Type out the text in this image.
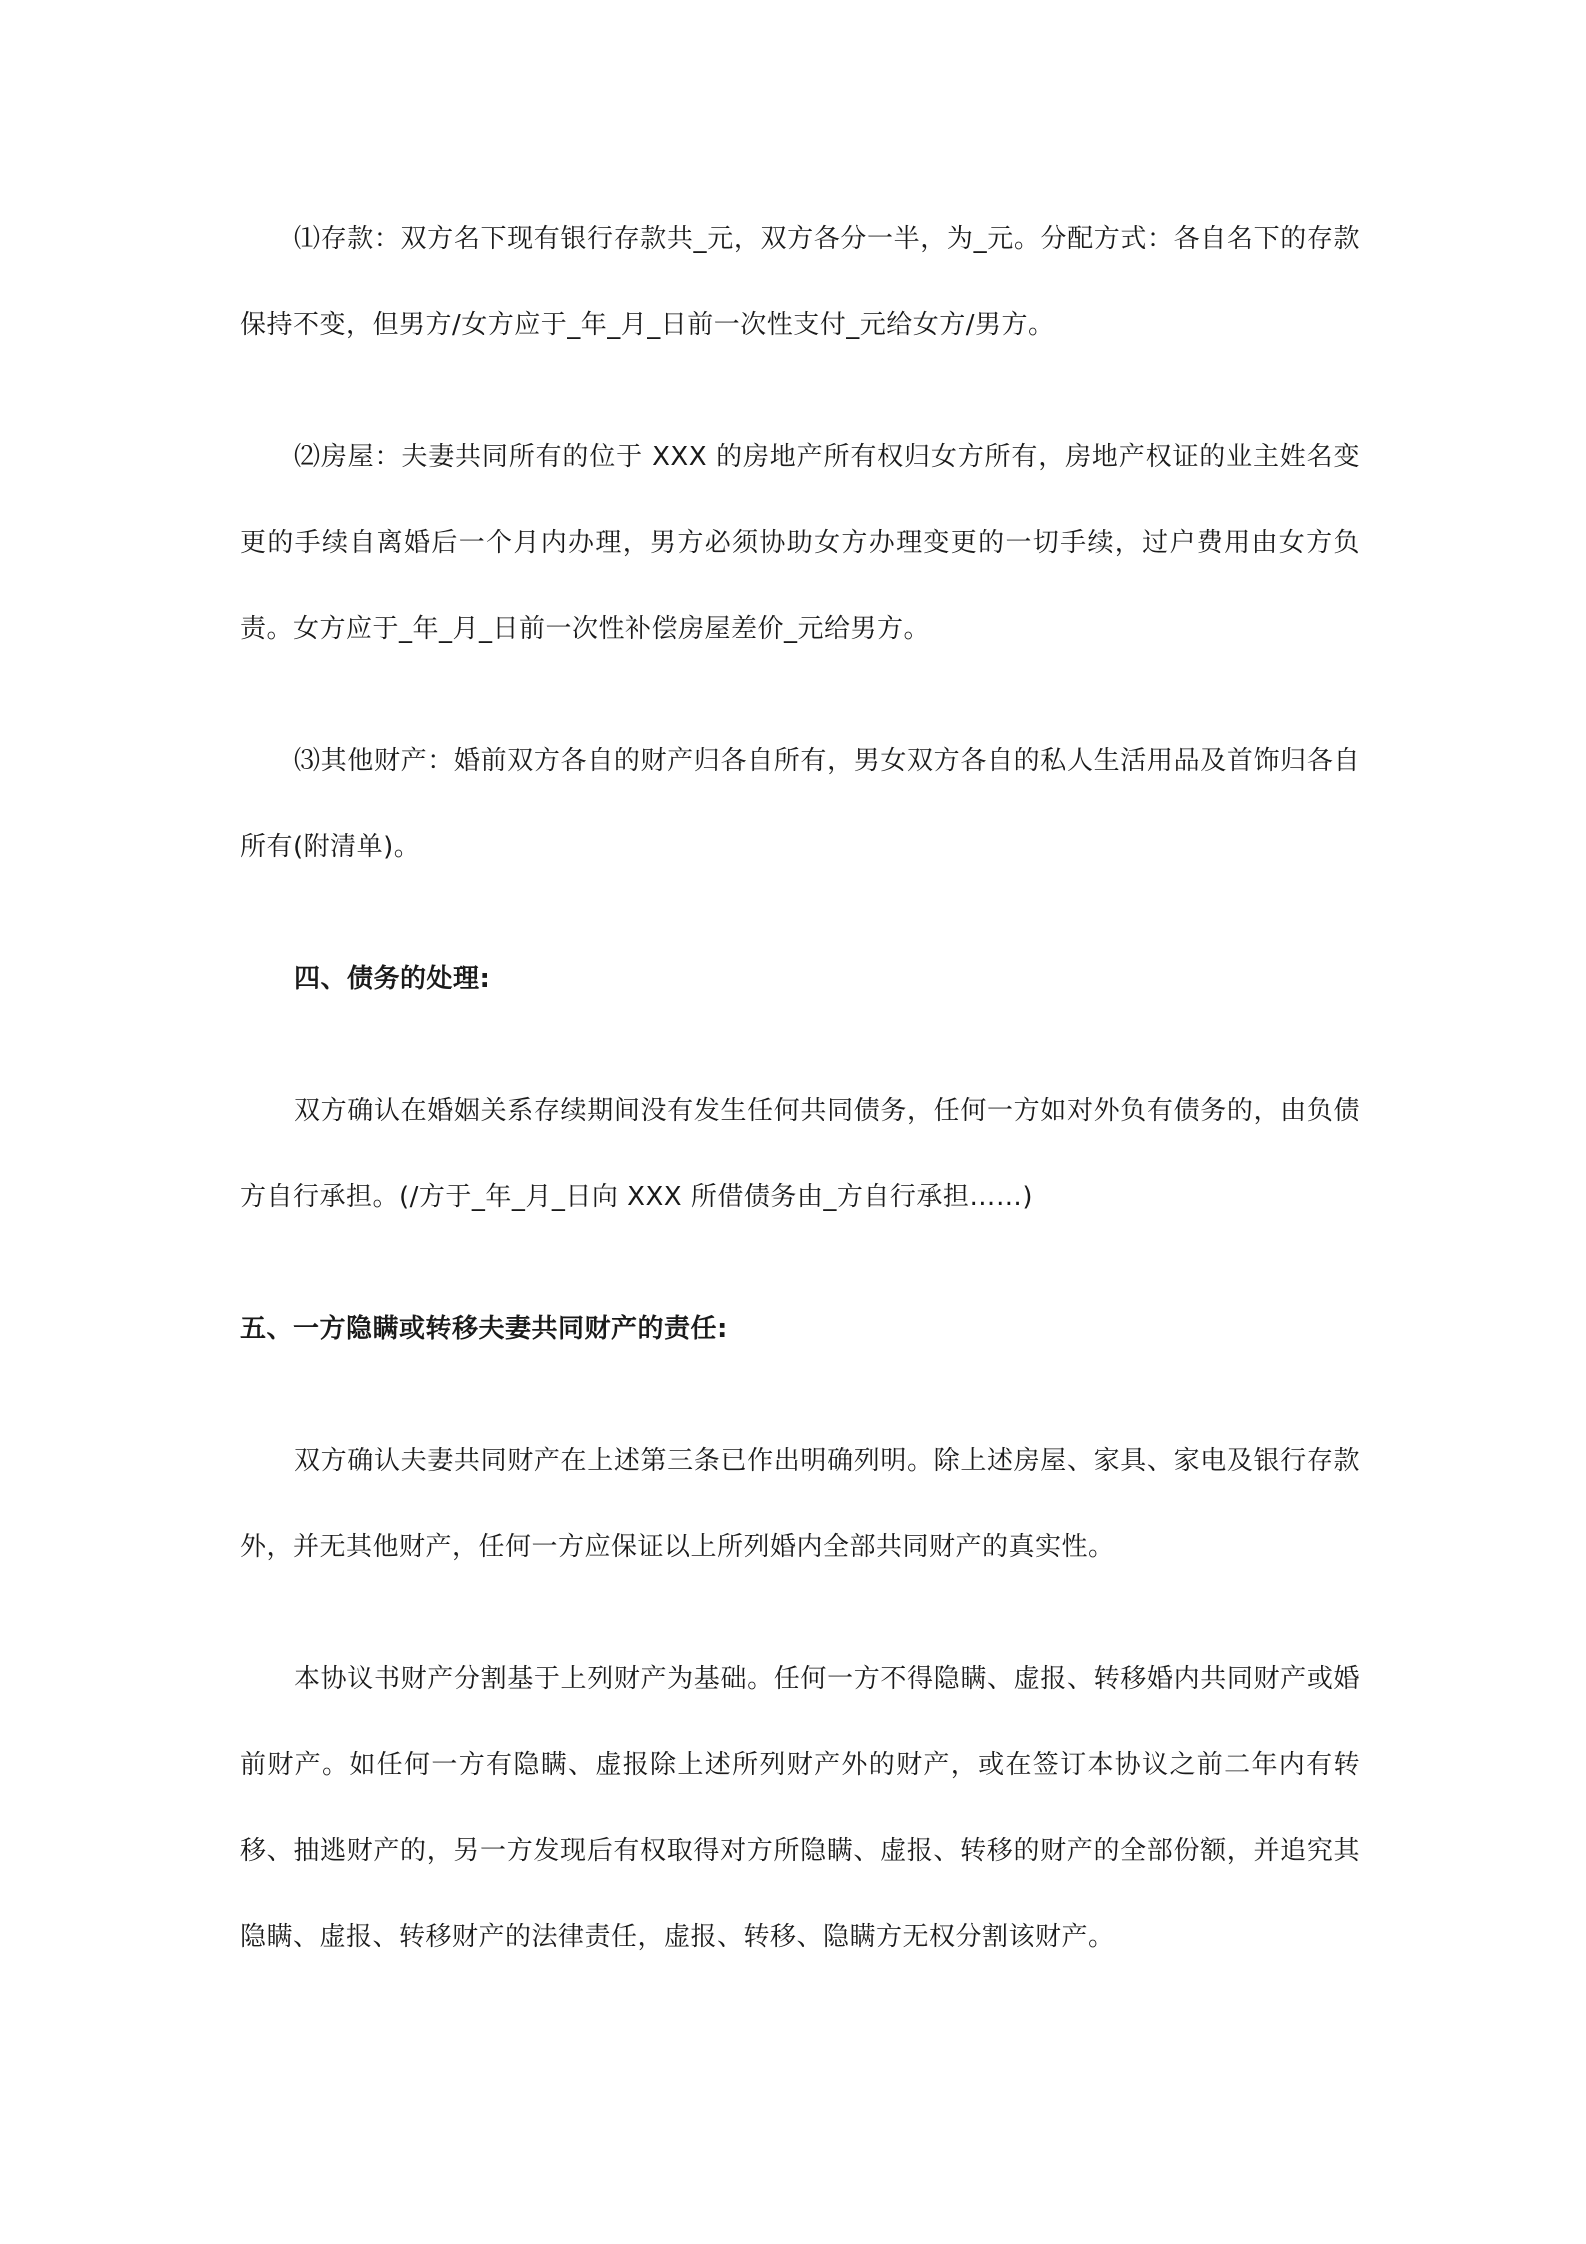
⑴存款：双方名下现有银行存款共_元，双方各分一半，为_元。分配方式：各自名下的存款保持不变，但男方/女方应于_年_月_日前一次性支付_元给女方/男方。

⑵房屋：夫妻共同所有的位于 XXX 的房地产所有权归女方所有，房地产权证的业主姓名变更的手续自离婚后一个月内办理，男方必须协助女方办理变更的一切手续，过户费用由女方负责。女方应于_年_月_日前一次性补偿房屋差价_元给男方。

⑶其他财产：婚前双方各自的财产归各自所有，男女双方各自的私人生活用品及首饰归各自所有(附清单)。

四、债务的处理:

双方确认在婚姻关系存续期间没有发生任何共同债务，任何一方如对外负有债务的，由负债方自行承担。(/方于_年_月_日向 XXX 所借债务由_方自行承担……)

五、一方隐瞒或转移夫妻共同财产的责任:

双方确认夫妻共同财产在上述第三条已作出明确列明。除上述房屋、家具、家电及银行存款外，并无其他财产，任何一方应保证以上所列婚内全部共同财产的真实性。

本协议书财产分割基于上列财产为基础。任何一方不得隐瞒、虚报、转移婚内共同财产或婚前财产。如任何一方有隐瞒、虚报除上述所列财产外的财产，或在签订本协议之前二年内有转移、抽逃财产的，另一方发现后有权取得对方所隐瞒、虚报、转移的财产的全部份额，并追究其隐瞒、虚报、转移财产的法律责任，虚报、转移、隐瞒方无权分割该财产。
